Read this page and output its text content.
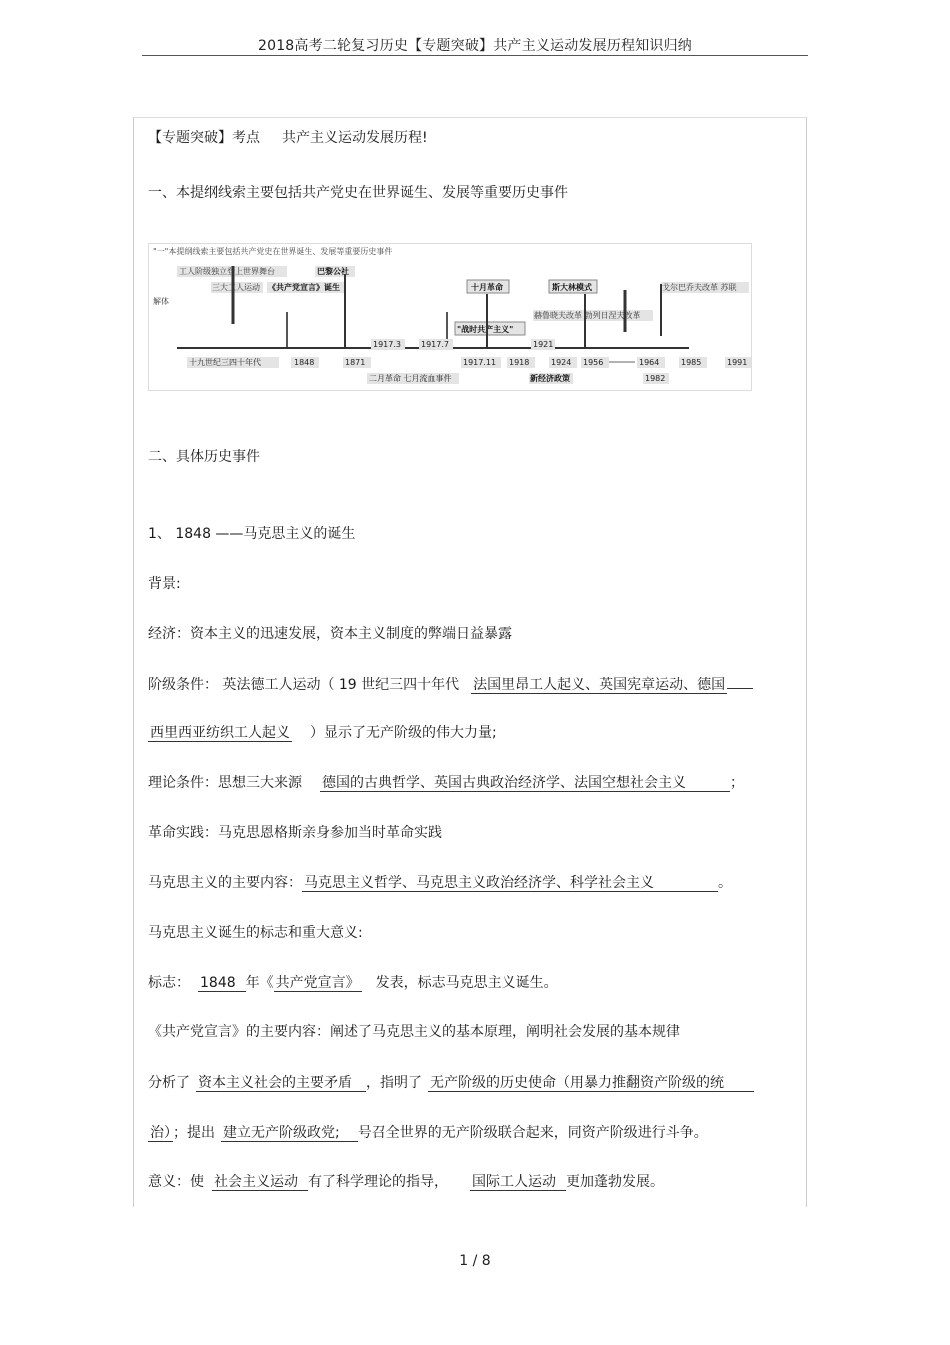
2018高考二轮复习历史【专题突破】共产主义运动发展历程知识归纳
【专题突破】考点 共产主义运动发展历程!
一、本提纲线索主要包括共产党史在世界诞生、发展等重要历史事件
"一"本提纲线索主要包括共产党史在世界诞生、发展等重要历史事件
工人阶级独立登上世界舞台	巴黎公社
三大工人运动 《共产党宣言》诞生	十月革命	斯大林模式	戈尔巴乔夫改革 苏联
解体
赫鲁晓夫改革 勃列日涅夫改革
"战时共产主义"
1917.3	1917.7	1921
十九世纪三四十年代	1848	1871	1917.11 1918	1924 1956	1964	1985	1991
二月革命 七月流血事件	新经济政策	1982
二、具体历史事件
1、 1848 ——马克思主义的诞生
背景:
经济：资本主义的迅速发展，资本主义制度的弊端日益暴露
阶级条件： 英法德工人运动（ 19 世纪三四十年代 法国里昂工人起义、英国宪章运动、德国
西里西亚纺织工人起义 ）显示了无产阶级的伟大力量;
理论条件：思想三大来源 德国的古典哲学、英国古典政治经济学、法国空想社会主义	；
革命实践：马克思恩格斯亲身参加当时革命实践
马克思主义的主要内容： 马克思主义哲学、马克思主义政治经济学、科学社会主义	。
马克思主义诞生的标志和重大意义:
标志： 1848 年《 共产党宣言》 发表，标志马克思主义诞生。
《共产党宣言》的主要内容：阐述了马克思主义的基本原理，阐明社会发展的基本规律
分析了 资本主义社会的主要矛盾 ，指明了 无产阶级的历史使命（用暴力推翻资产阶级的统
治） ；提出 建立无产阶级政党; 号召全世界的无产阶级联合起来，同资产阶级进行斗争。
意义：使 社会主义运动 有了科学理论的指导， 国际工人运动 更加蓬勃发展。
1 / 8
